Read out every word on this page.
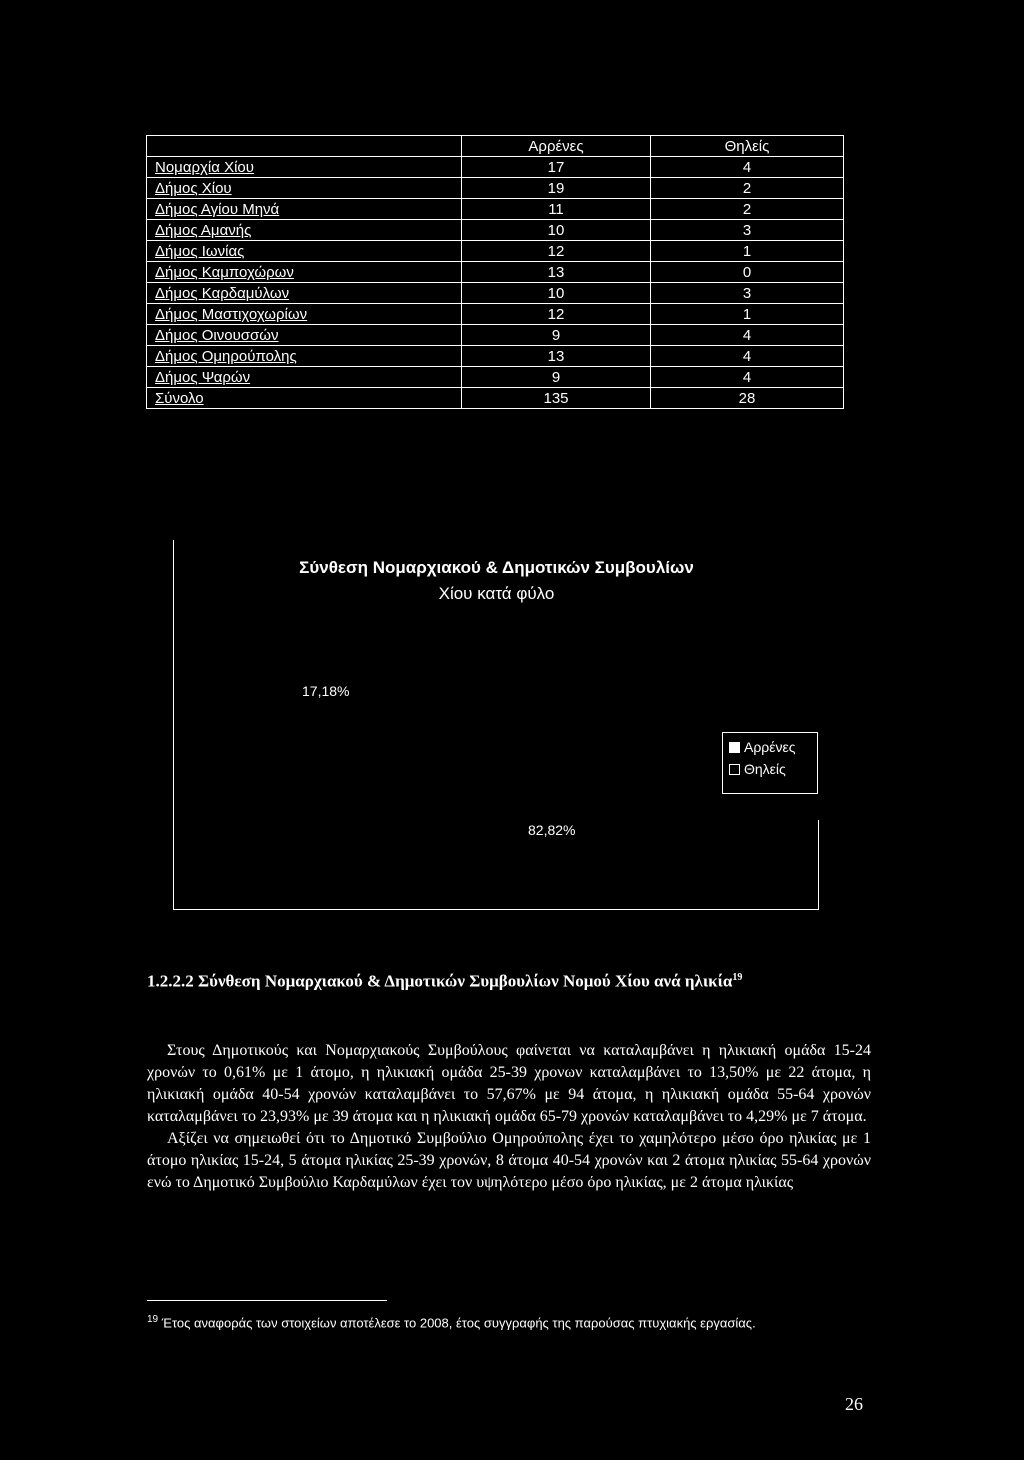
	Αρρένες	Θηλείς
Νομαρχία Χίου	17	4
Δήμος Χίου	19	2
Δήμος Αγίου Μηνά	11	2
Δήμος Αμανής	10	3
Δήμος Ιωνίας	12	1
Δήμος Καμποχώρων	13	0
Δήμος Καρδαμύλων	10	3
Δήμος Μαστιχοχωρίων	12	1
Δήμος Οινουσσών	9	4
Δήμος Ομηρούπολης	13	4
Δήμος Ψαρών	9	4
Σύνολο	135	28
Σύνθεση Νομαρχιακού & Δημοτικών Συμβουλίων
Χίου κατά φύλο
17,18%
82,82%
Αρρένες
Θηλείς
1.2.2.2 Σύνθεση Νομαρχιακού & Δημοτικών Συμβουλίων Νομού Χίου ανά ηλικία$^{19}$
Στους Δημοτικούς και Νομαρχιακούς Συμβούλους φαίνεται να καταλαμβάνει η ηλικιακή ομάδα 15-24 χρονών το 0,61% με 1 άτομο, η ηλικιακή ομάδα 25-39 χρονων καταλαμβάνει το 13,50% με 22 άτομα, η ηλικιακή ομάδα 40-54 χρονών καταλαμβάνει το 57,67% με 94 άτομα, η ηλικιακή ομάδα 55-64 χρονών καταλαμβάνει το 23,93% με 39 άτομα και η ηλικιακή ομάδα 65-79 χρονών καταλαμβάνει το 4,29% με 7 άτομα.
Αξίζει να σημειωθεί ότι το Δημοτικό Συμβούλιο Ομηρούπολης έχει το χαμηλότερο μέσο όρο ηλικίας με 1 άτομο ηλικίας 15-24, 5 άτομα ηλικίας 25-39 χρονών, 8 άτομα 40-54 χρονών και 2 άτομα ηλικίας 55-64 χρονών ενώ το Δημοτικό Συμβούλιο Καρδαμύλων έχει τον υψηλότερο μέσο όρο ηλικίας, με 2 άτομα ηλικίας
$^{19}$ Έτος αναφοράς των στοιχείων αποτέλεσε το 2008, έτος συγγραφής της παρούσας πτυχιακής εργασίας.
26
